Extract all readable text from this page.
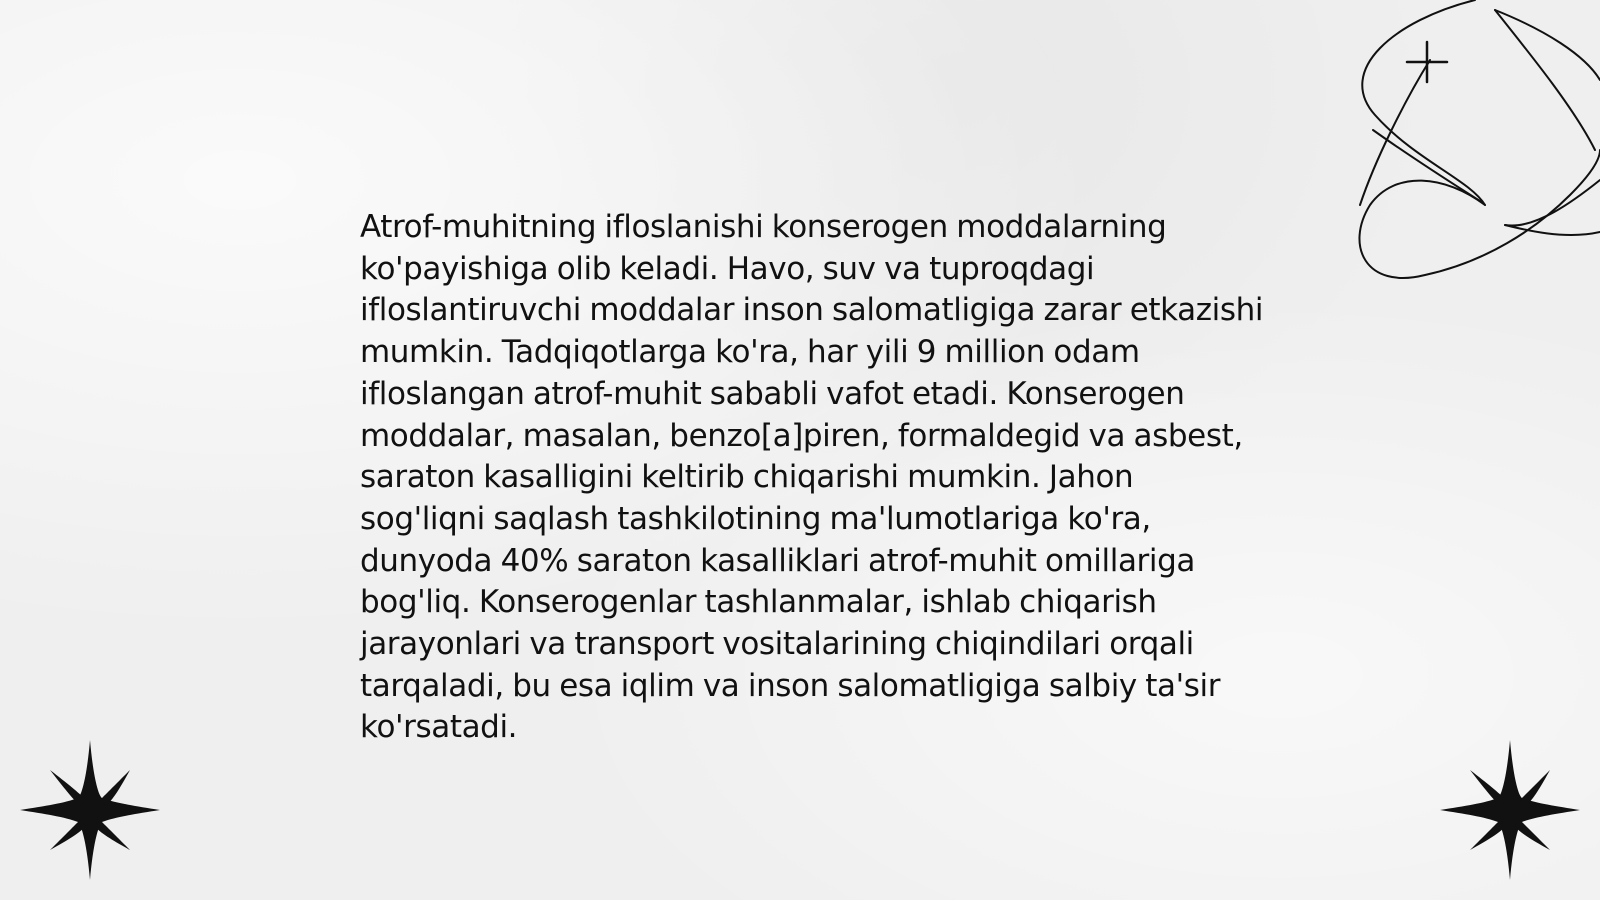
Atrof-muhitning ifloslanishi konserogen moddalarning ko'payishiga olib keladi. Havo, suv va tuproqdagi ifloslantiruvchi moddalar inson salomatligiga zarar etkazishi mumkin. Tadqiqotlarga ko'ra, har yili 9 million odam ifloslangan atrof-muhit sababli vafot etadi. Konserogen moddalar, masalan, benzo[a]piren, formaldegid va asbest, saraton kasalligini keltirib chiqarishi mumkin. Jahon sog'liqni saqlash tashkilotining ma'lumotlariga ko'ra, dunyoda 40% saraton kasalliklari atrof-muhit omillariga bog'liq. Konserogenlar tashlanmalar, ishlab chiqarish jarayonlari va transport vositalarining chiqindilari orqali tarqaladi, bu esa iqlim va inson salomatligiga salbiy ta'sir ko'rsatadi.
